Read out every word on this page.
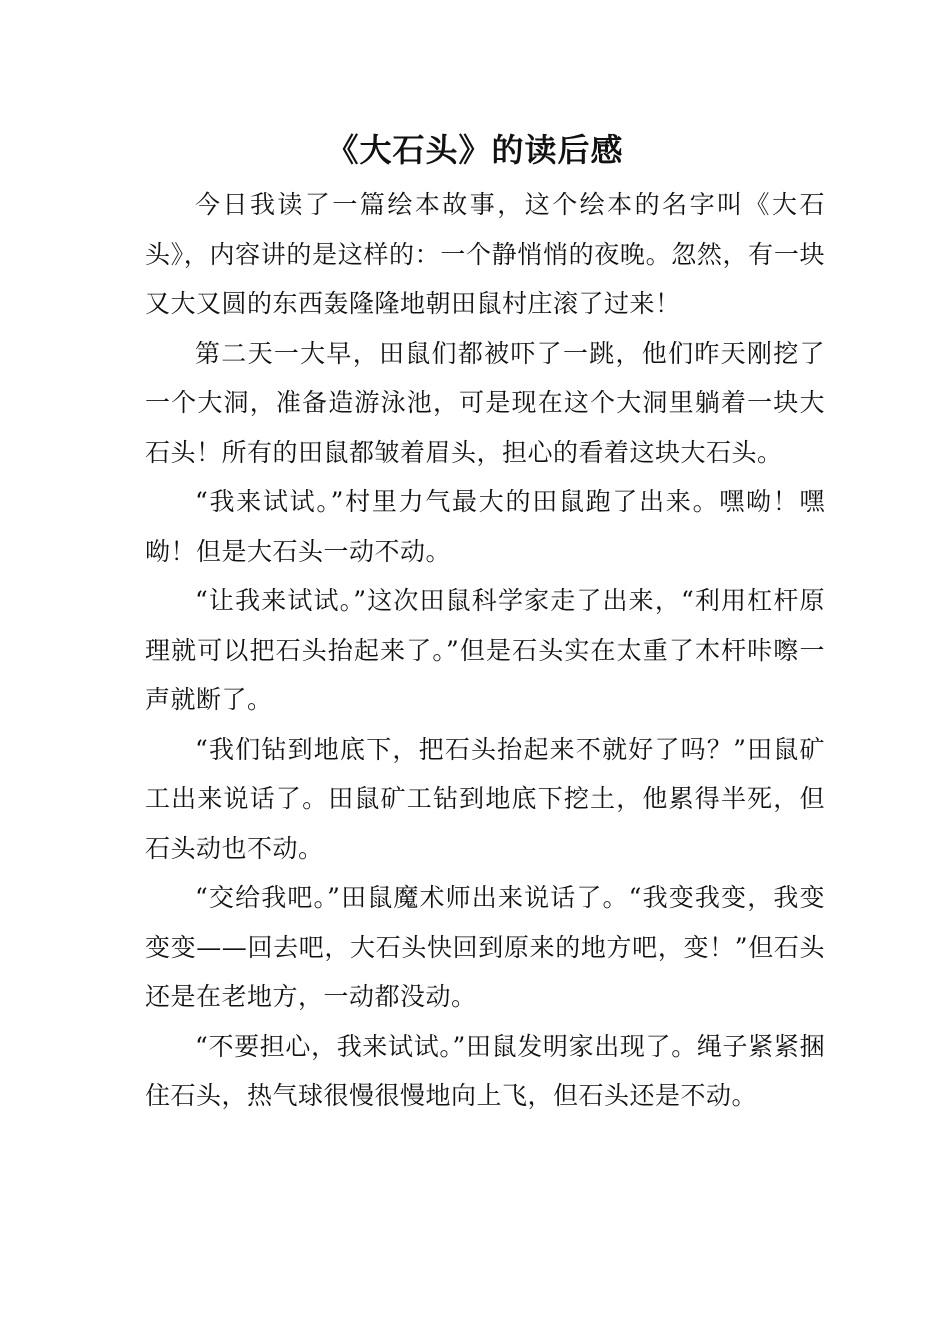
《大石头》的读后感

今日我读了一篇绘本故事，这个绘本的名字叫《大石头》，内容讲的是这样的：一个静悄悄的夜晚。忽然，有一块又大又圆的东西轰隆隆地朝田鼠村庄滚了过来！

第二天一大早，田鼠们都被吓了一跳，他们昨天刚挖了一个大洞，准备造游泳池，可是现在这个大洞里躺着一块大石头！所有的田鼠都皱着眉头，担心的看着这块大石头。

“我来试试。”村里力气最大的田鼠跑了出来。嘿呦！嘿呦！但是大石头一动不动。

“让我来试试。”这次田鼠科学家走了出来，“利用杠杆原理就可以把石头抬起来了。”但是石头实在太重了木杆咔嚓一声就断了。

“我们钻到地底下，把石头抬起来不就好了吗？”田鼠矿工出来说话了。田鼠矿工钻到地底下挖土，他累得半死，但石头动也不动。

“交给我吧。”田鼠魔术师出来说话了。“我变我变，我变变变——回去吧，大石头快回到原来的地方吧，变！”但石头还是在老地方，一动都没动。

“不要担心，我来试试。”田鼠发明家出现了。绳子紧紧捆住石头，热气球很慢很慢地向上飞，但石头还是不动。
